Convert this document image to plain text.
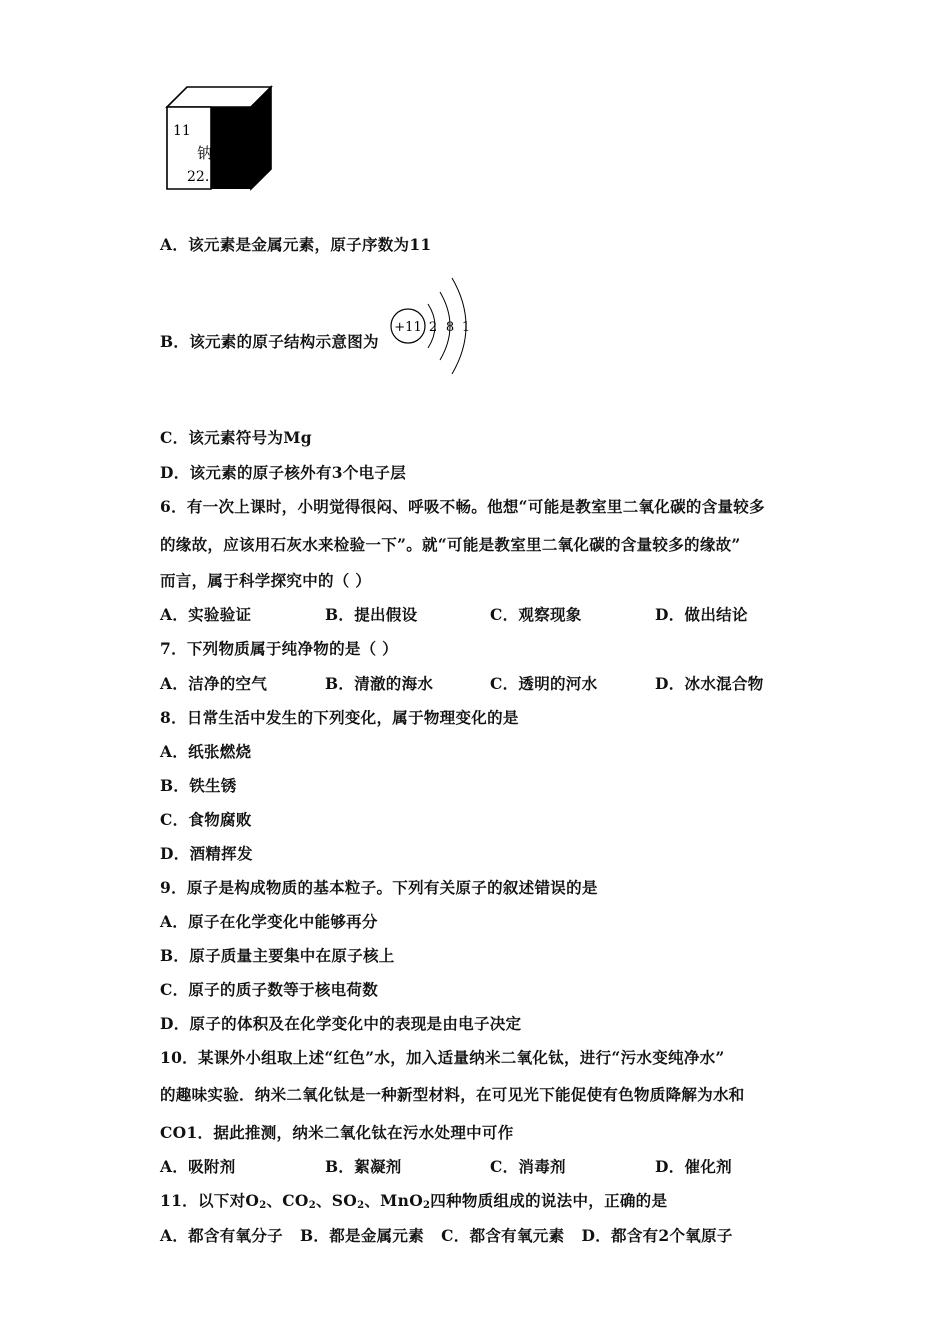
11
钠
22.
A．该元素是金属元素，原子序数为11
B．该元素的原子结构示意图为
+11 2 8 1
C．该元素符号为Mg
D．该元素的原子核外有3个电子层
6．有一次上课时，小明觉得很闷、呼吸不畅。他想“可能是教室里二氧化碳的含量较多
的缘故，应该用石灰水来检验一下”。就“可能是教室里二氧化碳的含量较多的缘故”
而言，属于科学探究中的（ ）
A．实验验证	B．提出假设	C．观察现象	D．做出结论
7．下列物质属于纯净物的是（ ）
A．洁净的空气	B．清澈的海水	C．透明的河水	D．冰水混合物
8．日常生活中发生的下列变化，属于物理变化的是
A．纸张燃烧
B．铁生锈
C．食物腐败
D．酒精挥发
9．原子是构成物质的基本粒子。下列有关原子的叙述错误的是
A．原子在化学变化中能够再分
B．原子质量主要集中在原子核上
C．原子的质子数等于核电荷数
D．原子的体积及在化学变化中的表现是由电子决定
10．某课外小组取上述“红色”水，加入适量纳米二氧化钛，进行“污水变纯净水”
的趣味实验．纳米二氧化钛是一种新型材料，在可见光下能促使有色物质降解为水和
CO1．据此推测，纳米二氧化钛在污水处理中可作
A．吸附剂	B．絮凝剂	C．消毒剂	D．催化剂
11．以下对$O_2$、$CO_2$、$SO_2$、MnO$_2$四种物质组成的说法中，正确的是
A．都含有氧分子 B．都是金属元素 C．都含有氧元素 D．都含有2个氧原子
